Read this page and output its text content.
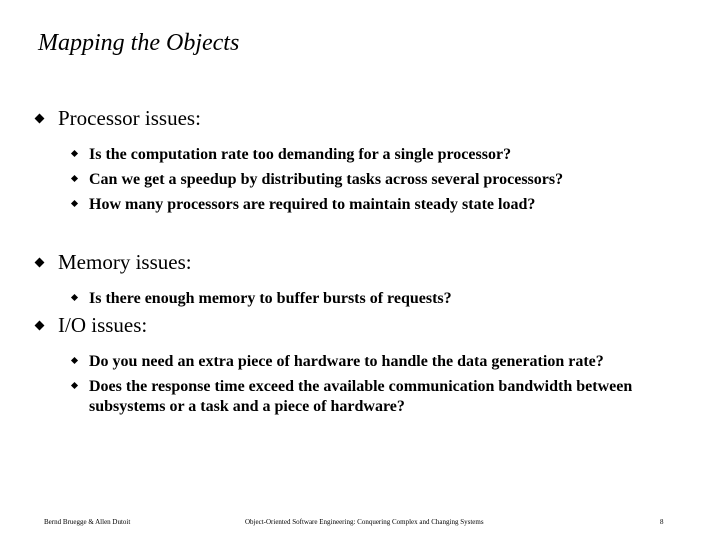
Mapping the Objects
Processor issues:
Is the computation rate too demanding for a single processor?
Can we get a speedup by distributing tasks across several processors?
How many processors are required to maintain steady state load?
Memory issues:
Is there enough memory to buffer bursts of requests?
I/O issues:
Do you need an extra piece of hardware to handle the data generation rate?
Does the response time exceed the available communication bandwidth between subsystems or a task and a piece of hardware?
Bernd Bruegge & Allen Dutoit	Object-Oriented Software Engineering: Conquering Complex and Changing Systems	8
